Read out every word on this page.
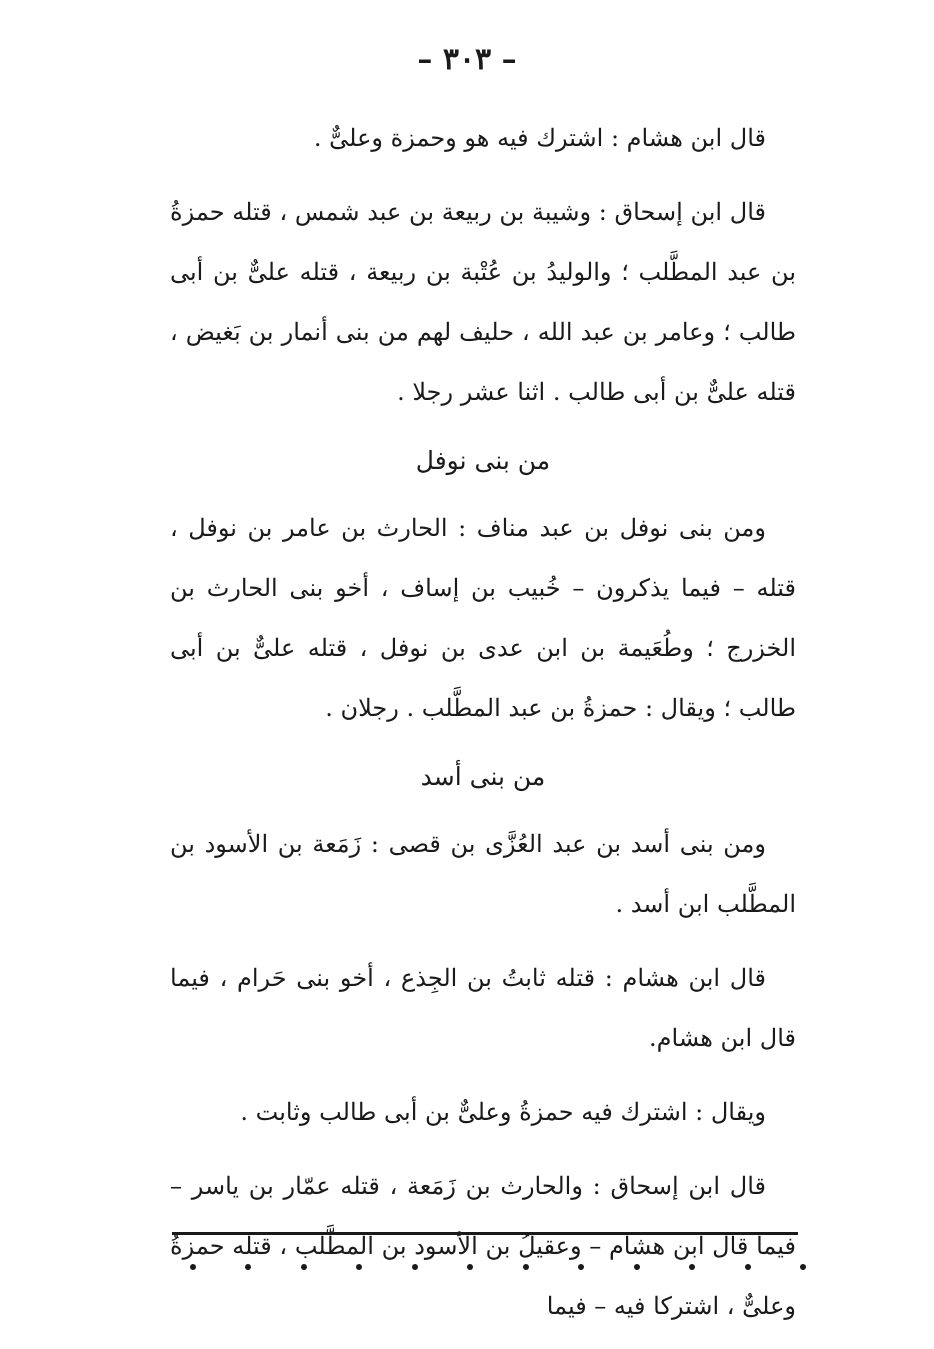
– ٣٠٣ –

قال ابن هشام : اشترك فيه هو وحمزة وعلىٌّ .

قال ابن إسحاق : وشيبة بن ربيعة بن عبد شمس ، قتله حمزةُ بن عبد المطَّلب ؛ والوليدُ بن عُتْبة بن ربيعة ، قتله علىٌّ بن أبى طالب ؛ وعامر بن عبد الله ، حليف لهم من بنى أنمار بن بَغيض ، قتله علىٌّ بن أبى طالب . اثنا عشر رجلا .

من بنى نوفل

ومن بنى نوفل بن عبد مناف : الحارث بن عامر بن نوفل ، قتله – فيما يذكرون – خُبيب بن إساف ، أخو بنى الحارث بن الخزرج ؛ وطُعَيمة بن ابن عدى بن نوفل ، قتله علىٌّ بن أبى طالب ؛ ويقال : حمزةُ بن عبد المطَّلب . رجلان .

من بنى أسد

ومن بنى أسد بن عبد العُزَّى بن قصى : زَمَعة بن الأسود بن المطَّلب ابن أسد .

قال ابن هشام : قتله ثابتُ بن الجِذع ، أخو بنى حَرام ، فيما قال ابن هشام.

ويقال : اشترك فيه حمزةُ وعلىٌّ بن أبى طالب وثابت .

قال ابن إسحاق : والحارث بن زَمَعة ، قتله عمّار بن ياسر – فيما قال ابن هشام – وعقيلُ بن الأسود بن المطَّلب ، قتله حمزةُ وعلىٌّ ، اشتركا فيه – فيما
